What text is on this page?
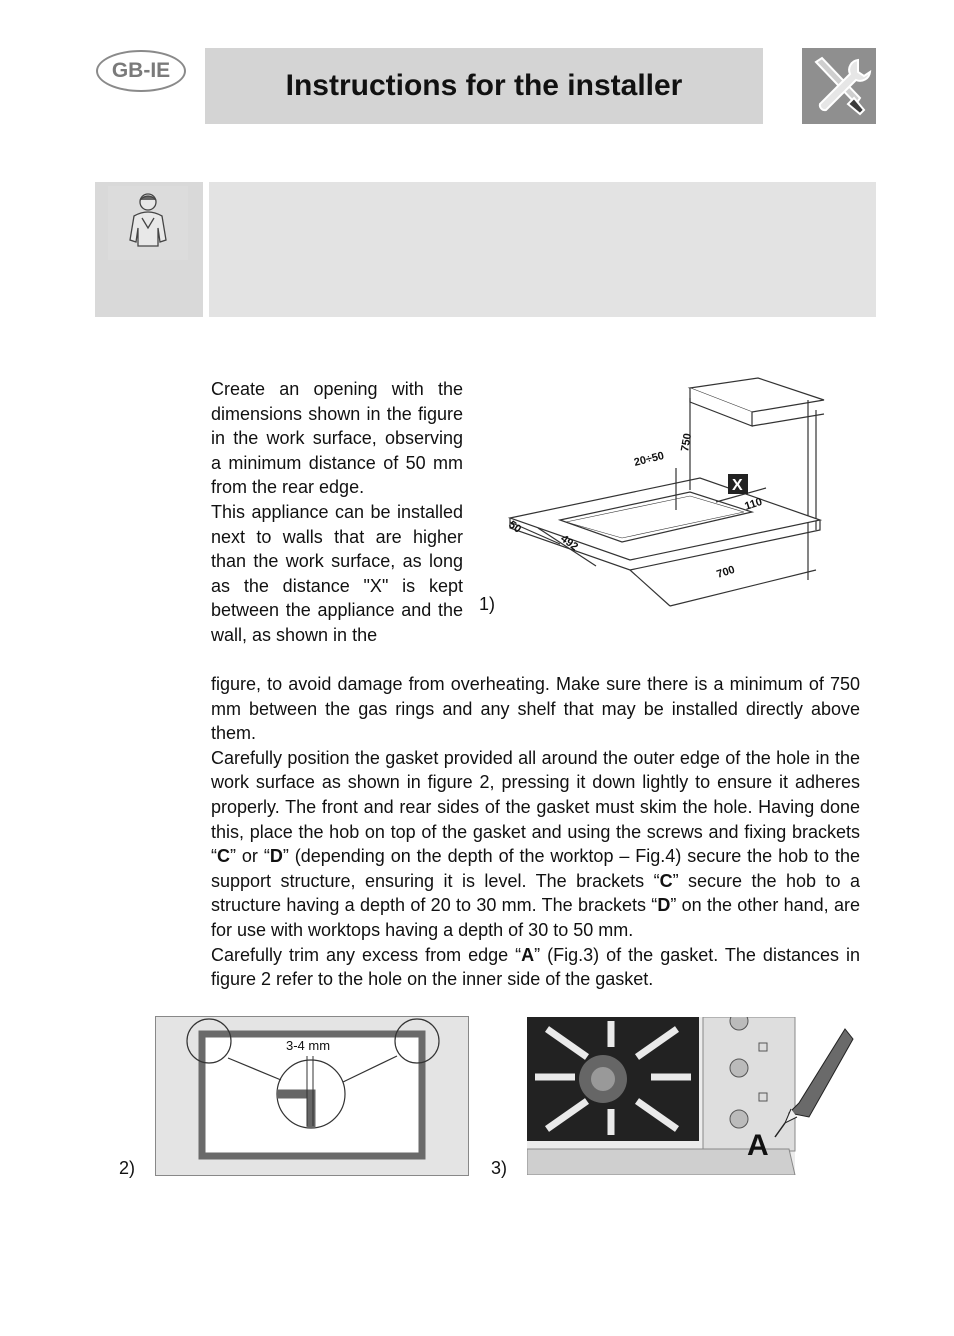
GB-IE	Instructions for the installer

Create an opening with the dimensions shown in the figure in the work surface, observing a minimum distance of 50 mm from the rear edge.

This appliance can be installed next to walls that are higher than the work surface, as long as the distance "X" is kept between the appliance and the wall, as shown in the

figure, to avoid damage from overheating. Make sure there is a minimum of 750 mm between the gas rings and any shelf that may be installed directly above them.

Carefully position the gasket provided all around the outer edge of the hole in the work surface as shown in figure 2, pressing it down lightly to ensure it adheres properly. The front and rear sides of the gasket must skim the hole. Having done this, place the hob on top of the gasket and using the screws and fixing brackets “C” or “D” (depending on the depth of the worktop – Fig.4) secure the hob to the support structure, ensuring it is level. The brackets “C” secure the hob to a structure having a depth of 20 to 30 mm. The brackets “D” on the other hand, are for use with worktops having a depth of 30 to 50 mm.

Carefully trim any excess from edge “A” (Fig.3) of the gasket. The distances in figure 2 refer to the hole on the inner side of the gasket.

1)
750
20÷50
110
50
492
700
X
2)
3-4 mm
3)
A
